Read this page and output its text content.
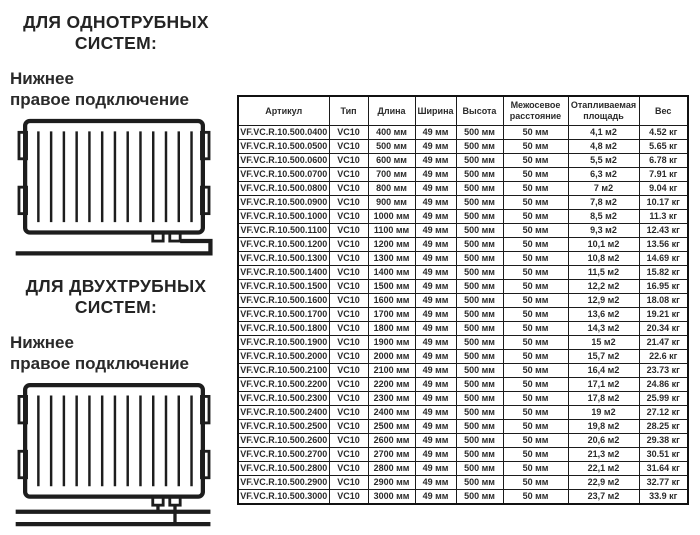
ДЛЯ ОДНОТРУБНЫХ
СИСТЕМ:
Нижнее
правое подключение
ДЛЯ ДВУХТРУБНЫХ
СИСТЕМ:
Нижнее
правое подключение
Артикул	Тип	Длина	Ширина	Высота	Межосевое расстояние	Отапливаемая площадь	Вес
VF.VC.R.10.500.0400	VC10	400 мм	49 мм	500 мм	50 мм	4,1 м2	4.52 кг
VF.VC.R.10.500.0500	VC10	500 мм	49 мм	500 мм	50 мм	4,8 м2	5.65 кг
VF.VC.R.10.500.0600	VC10	600 мм	49 мм	500 мм	50 мм	5,5 м2	6.78 кг
VF.VC.R.10.500.0700	VC10	700 мм	49 мм	500 мм	50 мм	6,3 м2	7.91 кг
VF.VC.R.10.500.0800	VC10	800 мм	49 мм	500 мм	50 мм	7 м2	9.04 кг
VF.VC.R.10.500.0900	VC10	900 мм	49 мм	500 мм	50 мм	7,8 м2	10.17 кг
VF.VC.R.10.500.1000	VC10	1000 мм	49 мм	500 мм	50 мм	8,5 м2	11.3 кг
VF.VC.R.10.500.1100	VC10	1100 мм	49 мм	500 мм	50 мм	9,3 м2	12.43 кг
VF.VC.R.10.500.1200	VC10	1200 мм	49 мм	500 мм	50 мм	10,1 м2	13.56 кг
VF.VC.R.10.500.1300	VC10	1300 мм	49 мм	500 мм	50 мм	10,8 м2	14.69 кг
VF.VC.R.10.500.1400	VC10	1400 мм	49 мм	500 мм	50 мм	11,5 м2	15.82 кг
VF.VC.R.10.500.1500	VC10	1500 мм	49 мм	500 мм	50 мм	12,2 м2	16.95 кг
VF.VC.R.10.500.1600	VC10	1600 мм	49 мм	500 мм	50 мм	12,9 м2	18.08 кг
VF.VC.R.10.500.1700	VC10	1700 мм	49 мм	500 мм	50 мм	13,6 м2	19.21 кг
VF.VC.R.10.500.1800	VC10	1800 мм	49 мм	500 мм	50 мм	14,3 м2	20.34 кг
VF.VC.R.10.500.1900	VC10	1900 мм	49 мм	500 мм	50 мм	15 м2	21.47 кг
VF.VC.R.10.500.2000	VC10	2000 мм	49 мм	500 мм	50 мм	15,7 м2	22.6 кг
VF.VC.R.10.500.2100	VC10	2100 мм	49 мм	500 мм	50 мм	16,4 м2	23.73 кг
VF.VC.R.10.500.2200	VC10	2200 мм	49 мм	500 мм	50 мм	17,1 м2	24.86 кг
VF.VC.R.10.500.2300	VC10	2300 мм	49 мм	500 мм	50 мм	17,8 м2	25.99 кг
VF.VC.R.10.500.2400	VC10	2400 мм	49 мм	500 мм	50 мм	19 м2	27.12 кг
VF.VC.R.10.500.2500	VC10	2500 мм	49 мм	500 мм	50 мм	19,8 м2	28.25 кг
VF.VC.R.10.500.2600	VC10	2600 мм	49 мм	500 мм	50 мм	20,6 м2	29.38 кг
VF.VC.R.10.500.2700	VC10	2700 мм	49 мм	500 мм	50 мм	21,3 м2	30.51 кг
VF.VC.R.10.500.2800	VC10	2800 мм	49 мм	500 мм	50 мм	22,1 м2	31.64 кг
VF.VC.R.10.500.2900	VC10	2900 мм	49 мм	500 мм	50 мм	22,9 м2	32.77 кг
VF.VC.R.10.500.3000	VC10	3000 мм	49 мм	500 мм	50 мм	23,7 м2	33.9 кг
